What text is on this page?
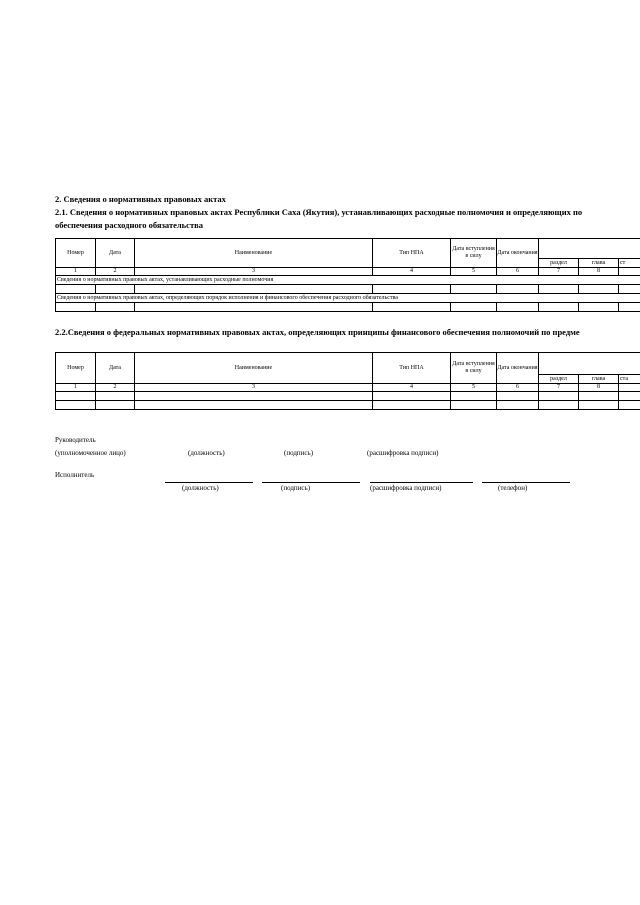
2. Сведения о нормативных правовых актах
2.1. Сведения о нормативных правовых актах Республики Саха (Якутия), устанавливающих расходные полномочия и определяющих по
обеспечения расходного обязательства
Номер	Дата	Наименование	Тип НПА	Дата вступления в силу	Дата окончания			
						раздел	глава	ст
1	2	3	4	5	6	7	8	
Сведения о нормативных правовых актах, устанавливающих расходные полномочия								

Сведения о нормативных правовых актах, определяющих порядок исполнения и финансового обеспечения расходного обязательства								

2.2.Сведения о федеральных нормативных правовых актах, определяющих принципы финансового обеспечения полномочий по предме
Номер	Дата	Наименование	Тип НПА	Дата вступления в силу	Дата окончания			
						раздел	глава	ста
1	2	3	4	5	6	7	8	

Руководитель
(уполномоченное лицо)	(должность)	(подпись)	(расшифровка подписи)
Исполнитель
(должность)	(подпись)	(расшифровка подписи)	(телефон)
